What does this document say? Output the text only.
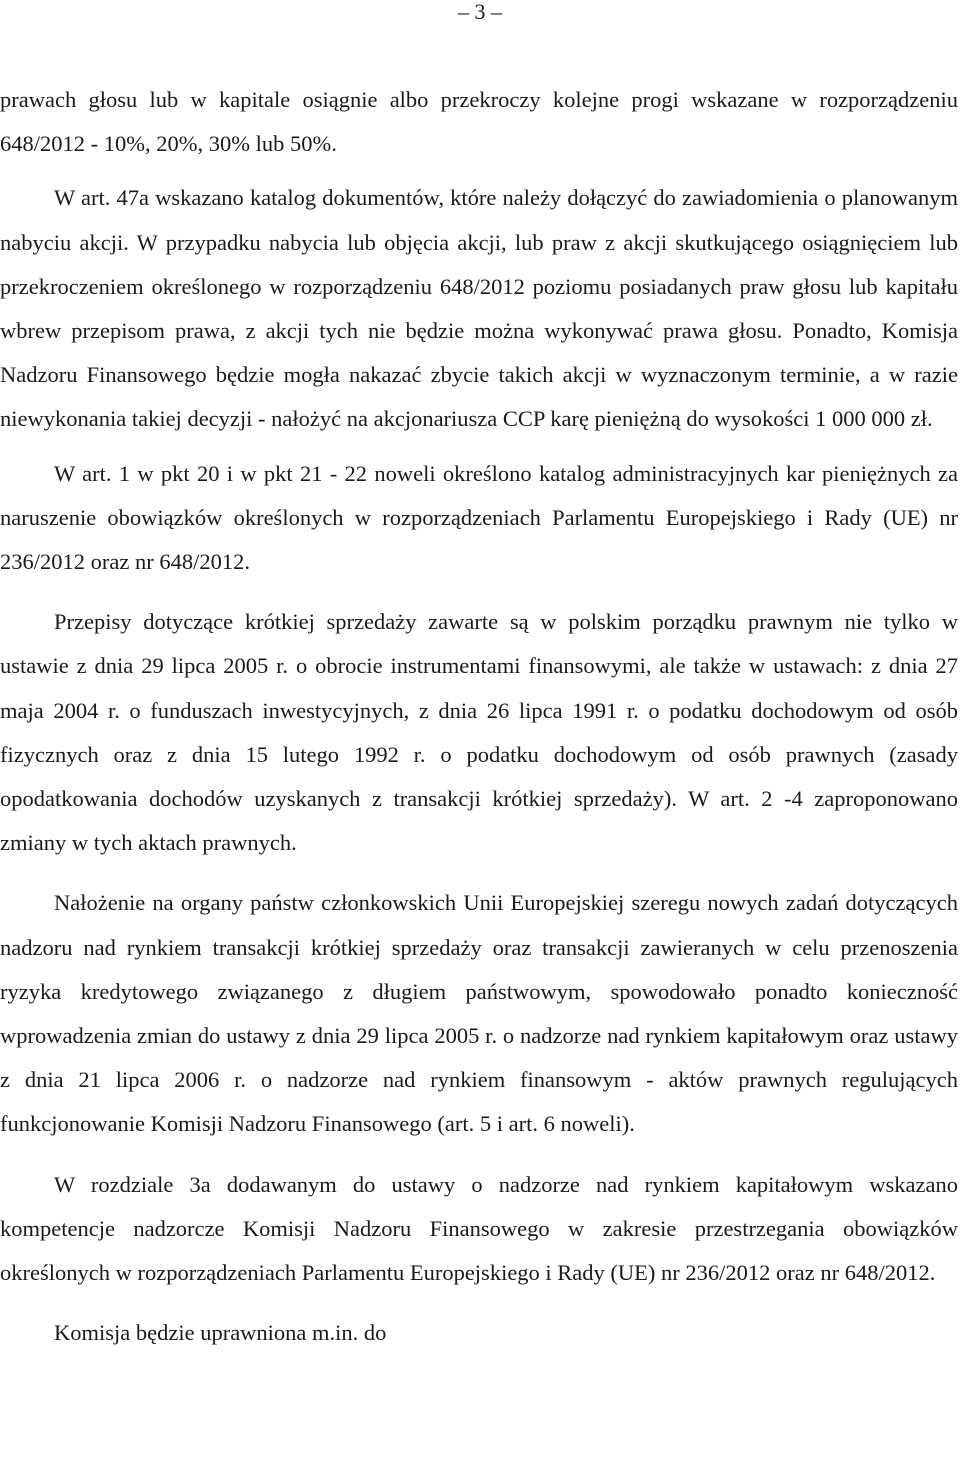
– 3 –

prawach głosu lub w kapitale osiągnie albo przekroczy kolejne progi wskazane w rozporządzeniu 648/2012 - 10%, 20%, 30% lub 50%.

W art. 47a wskazano katalog dokumentów, które należy dołączyć do zawiadomienia o planowanym nabyciu akcji. W przypadku nabycia lub objęcia akcji, lub praw z akcji skutkującego osiągnięciem lub przekroczeniem określonego w rozporządzeniu 648/2012 poziomu posiadanych praw głosu lub kapitału wbrew przepisom prawa, z akcji tych nie będzie można wykonywać prawa głosu. Ponadto, Komisja Nadzoru Finansowego będzie mogła nakazać zbycie takich akcji w wyznaczonym terminie, a w razie niewykonania takiej decyzji - nałożyć na akcjonariusza CCP karę pieniężną do wysokości 1 000 000 zł.

W art. 1 w pkt 20 i w pkt 21 - 22 noweli określono katalog administracyjnych kar pieniężnych za naruszenie obowiązków określonych w rozporządzeniach Parlamentu Europejskiego i Rady (UE) nr 236/2012 oraz nr 648/2012.

Przepisy dotyczące krótkiej sprzedaży zawarte są w polskim porządku prawnym nie tylko w ustawie z dnia 29 lipca 2005 r. o obrocie instrumentami finansowymi, ale także w ustawach: z dnia 27 maja 2004 r. o funduszach inwestycyjnych, z dnia 26 lipca 1991 r. o podatku dochodowym od osób fizycznych oraz z dnia 15 lutego 1992 r. o podatku dochodowym od osób prawnych (zasady opodatkowania dochodów uzyskanych z transakcji krótkiej sprzedaży). W art. 2 -4 zaproponowano zmiany w tych aktach prawnych.

Nałożenie na organy państw członkowskich Unii Europejskiej szeregu nowych zadań dotyczących nadzoru nad rynkiem transakcji krótkiej sprzedaży oraz transakcji zawieranych w celu przenoszenia ryzyka kredytowego związanego z długiem państwowym, spowodowało ponadto konieczność wprowadzenia zmian do ustawy z dnia 29 lipca 2005 r. o nadzorze nad rynkiem kapitałowym oraz ustawy z dnia 21 lipca 2006 r. o nadzorze nad rynkiem finansowym - aktów prawnych regulujących funkcjonowanie Komisji Nadzoru Finansowego (art. 5 i art. 6 noweli).

W rozdziale 3a dodawanym do ustawy o nadzorze nad rynkiem kapitałowym wskazano kompetencje nadzorcze Komisji Nadzoru Finansowego w zakresie przestrzegania obowiązków określonych w rozporządzeniach Parlamentu Europejskiego i Rady (UE) nr 236/2012 oraz nr 648/2012.

Komisja będzie uprawniona m.in. do
